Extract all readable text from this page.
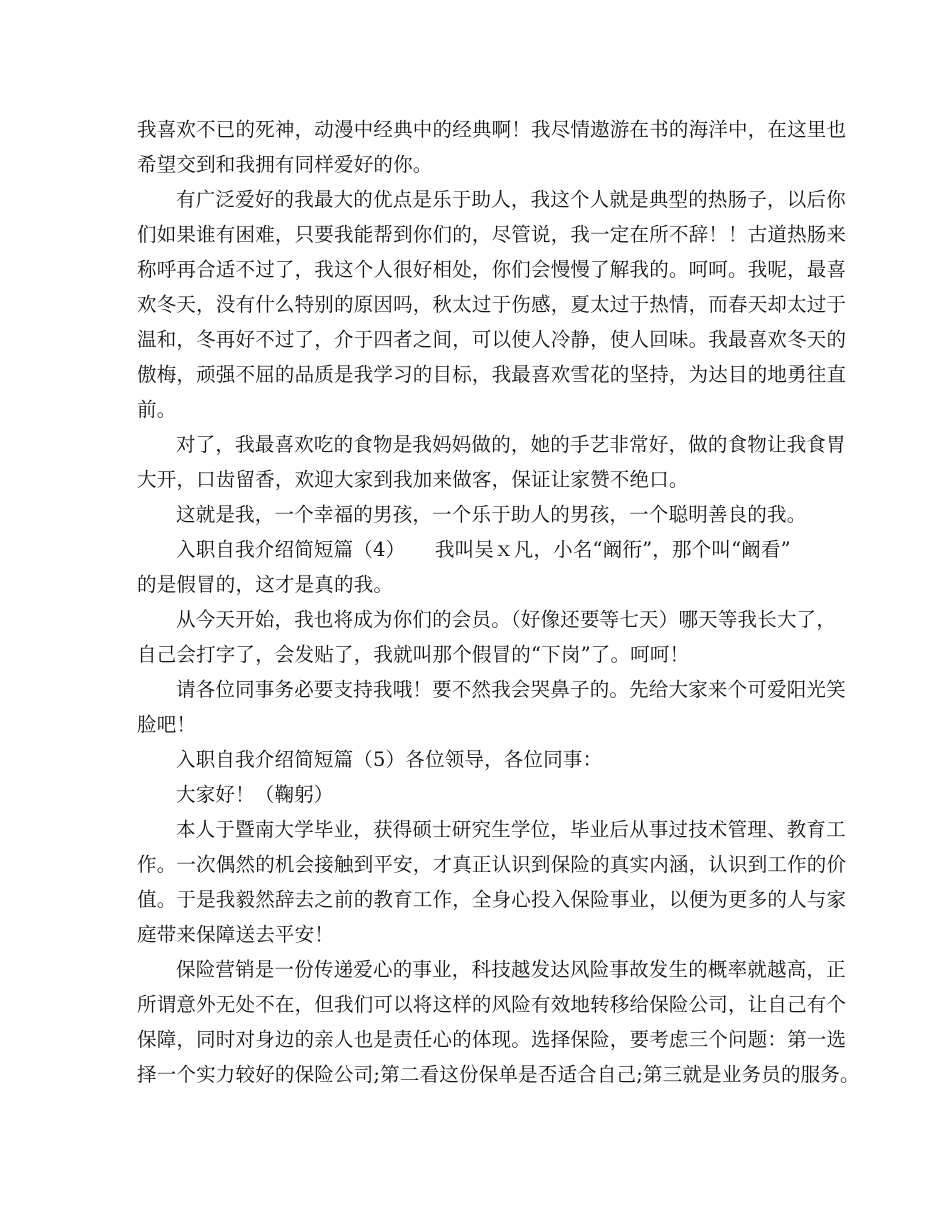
我喜欢不已的死神，动漫中经典中的经典啊！我尽情遨游在书的海洋中，在这里也
希望交到和我拥有同样爱好的你。
有广泛爱好的我最大的优点是乐于助人，我这个人就是典型的热肠子，以后你
们如果谁有困难，只要我能帮到你们的，尽管说，我一定在所不辞！！古道热肠来
称呼再合适不过了，我这个人很好相处，你们会慢慢了解我的。呵呵。我呢，最喜
欢冬天，没有什么特别的原因吗，秋太过于伤感，夏太过于热情，而春天却太过于
温和，冬再好不过了，介于四者之间，可以使人冷静，使人回味。我最喜欢冬天的
傲梅，顽强不屈的品质是我学习的目标，我最喜欢雪花的坚持，为达目的地勇往直
前。
对了，我最喜欢吃的食物是我妈妈做的，她的手艺非常好，做的食物让我食胃
大开，口齿留香，欢迎大家到我加来做客，保证让家赞不绝口。
这就是我，一个幸福的男孩，一个乐于助人的男孩，一个聪明善良的我。
入职自我介绍简短篇（4）　　我叫吴ｘ凡，小名“阚衎”，那个叫“阚看”
的是假冒的，这才是真的我。
从今天开始，我也将成为你们的会员。（好像还要等七天）哪天等我长大了，
自己会打字了，会发贴了，我就叫那个假冒的“下岗”了。呵呵！
请各位同事务必要支持我哦！要不然我会哭鼻子的。先给大家来个可爱阳光笑
脸吧！
入职自我介绍简短篇（5）各位领导，各位同事：
大家好！（鞠躬）
本人于暨南大学毕业，获得硕士研究生学位，毕业后从事过技术管理、教育工
作。一次偶然的机会接触到平安，才真正认识到保险的真实内涵，认识到工作的价
值。于是我毅然辞去之前的教育工作，全身心投入保险事业，以便为更多的人与家
庭带来保障送去平安！
保险营销是一份传递爱心的事业，科技越发达风险事故发生的概率就越高，正
所谓意外无处不在，但我们可以将这样的风险有效地转移给保险公司，让自己有个
保障，同时对身边的亲人也是责任心的体现。选择保险，要考虑三个问题：第一选
择一个实力较好的保险公司;第二看这份保单是否适合自己;第三就是业务员的服务。
